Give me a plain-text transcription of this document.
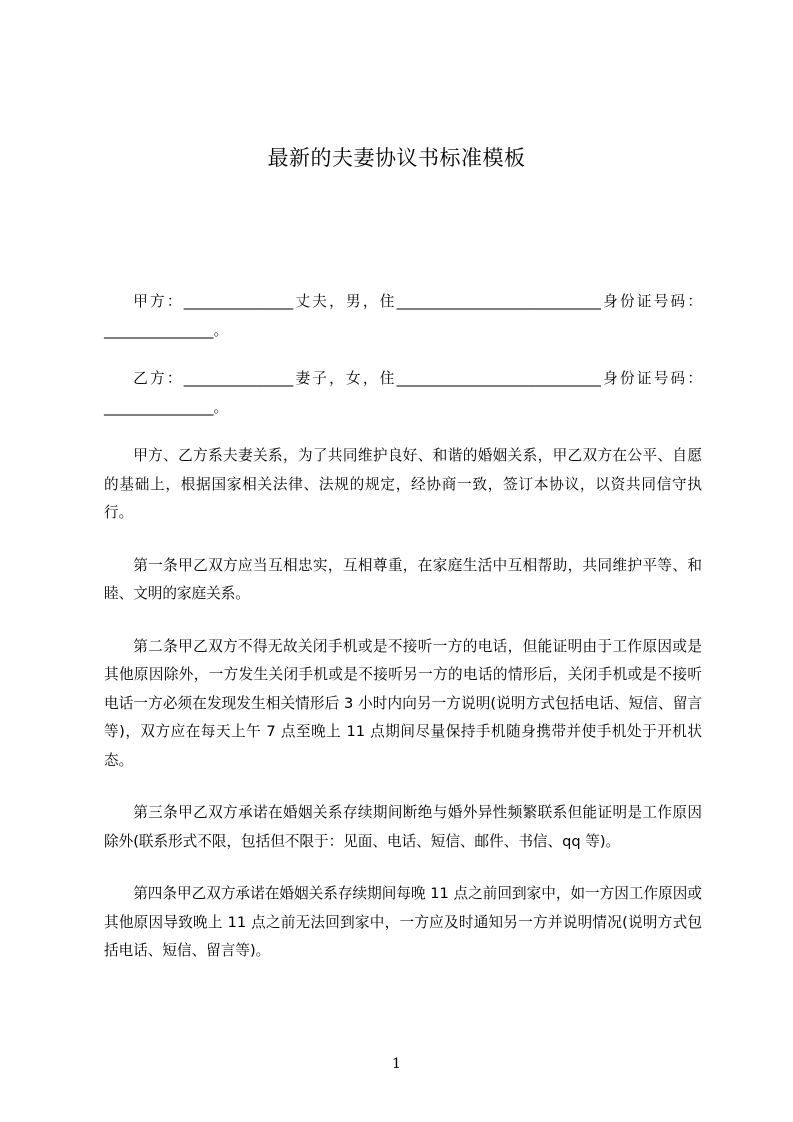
最新的夫妻协议书标准模板

甲方：_______________丈夫，男，住____________________________身份证号码：_______________。

乙方：_______________妻子，女，住____________________________身份证号码：_______________。

甲方、乙方系夫妻关系，为了共同维护良好、和谐的婚姻关系，甲乙双方在公平、自愿的基础上，根据国家相关法律、法规的规定，经协商一致，签订本协议，以资共同信守执行。

第一条甲乙双方应当互相忠实，互相尊重，在家庭生活中互相帮助，共同维护平等、和睦、文明的家庭关系。

第二条甲乙双方不得无故关闭手机或是不接听一方的电话，但能证明由于工作原因或是其他原因除外，一方发生关闭手机或是不接听另一方的电话的情形后，关闭手机或是不接听电话一方必须在发现发生相关情形后 3 小时内向另一方说明(说明方式包括电话、短信、留言等)，双方应在每天上午 7 点至晚上 11 点期间尽量保持手机随身携带并使手机处于开机状态。

第三条甲乙双方承诺在婚姻关系存续期间断绝与婚外异性频繁联系但能证明是工作原因除外(联系形式不限，包括但不限于：见面、电话、短信、邮件、书信、qq 等)。

第四条甲乙双方承诺在婚姻关系存续期间每晚 11 点之前回到家中，如一方因工作原因或其他原因导致晚上 11 点之前无法回到家中，一方应及时通知另一方并说明情况(说明方式包括电话、短信、留言等)。

1
